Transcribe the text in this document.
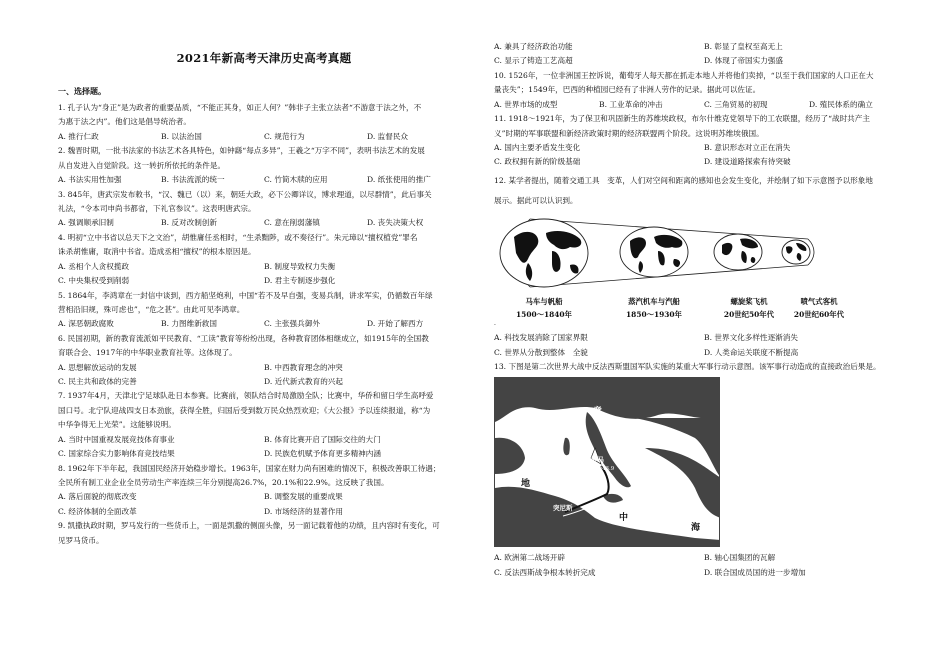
2021年新高考天津历史高考真题
一、选择题。
1. 孔子认为“身正”是为政者的重要品质，“不能正其身，如正人何？”韩非子主张立法者“不游意于法之外，不
为惠于法之内”。他们这是倡导统治者。
A. 推行仁政	B. 以法治国	C. 规范行为	D. 监督民众
2. 魏晋时期，一批书法家的书法艺术各具特色，如钟繇“每点多异”，王羲之“万字不同”，表明书法艺术的发展
从自发进入自觉阶段。这一转折所依托的条件是。
A. 书法实用性加强	B. 书法流派的统一	C. 竹简木牍的应用	D. 纸张使用的推广
3. 845年，唐武宗发布敕书，“汉、魏已（以）来，朝廷大政，必下公卿详议，博求理道，以尽群情”，此后事关
礼法，“令本司申尚书都省，下礼官参议”。这表明唐武宗。
A. 强调顺承旧制	B. 反对改制创新	C. 意在削弱藩镇	D. 丧失决策大权
4. 明初“立中书省以总天下之文治”，胡惟庸任丞相时，“生杀黜陟，或不奏径行”。朱元璋以“擅权植党”罪名
诛杀胡惟庸，取消中书省。造成丞相“擅权”的根本原因是。
A. 丞相个人贪权揽政	B. 制度导致权力失衡
C. 中央集权受到削弱	D. 君主专制逐步强化
5. 1864年，李鸿章在一封信中谈到，西方船坚炮利，中国“若不及早自强，变易兵制，讲求军实，仍循数百年绿
营相沿旧规，殊可虑也”，“危之甚”。由此可见李鸿章。
A. 深恶朝政腐败	B. 力图维新救国	C. 主张强兵御外	D. 开始了解西方
6. 民国初期，新的教育流派如平民教育、“工读”教育等纷纷出现，各种教育团体相继成立，如1915年的全国教
育联合会、1917年的中华职业教育社等。这体现了。
A. 思想解放运动的发展	B. 中西教育理念的冲突
C. 民主共和政体的完善	D. 近代新式教育的兴起
7. 1937年4月，天津北宁足球队赴日本参赛。比赛前，领队结合时局激励全队；比赛中，华侨和留日学生高呼爱
国口号。北宁队迎战四支日本劲旅，获得全胜，归国后受到数万民众热烈欢迎；《大公报》予以连续报道，称“为
中华争得无上光荣”。这能够说明。
A. 当时中国重视发展竞技体育事业	B. 体育比赛开启了国际交往的大门
C. 国家综合实力影响体育竞技结果	D. 民族危机赋予体育更多精神内涵
8. 1962年下半年起，我国国民经济开始稳步增长。1963年，国家在财力尚有困难的情况下，积极改善职工待遇；
全民所有制工业企业全员劳动生产率连续三年分别提高26.7%，20.1%和22.9%。这反映了我国。
A. 落后面貌的彻底改变	B. 调整发展的重要成果
C. 经济体制的全面改革	D. 市场经济的显著作用
9. 凯撒执政时期，罗马发行的一些货币上，一面是凯撒的侧面头像，另一面记载着他的功绩，且内容时有变化，可
见罗马货币。
A. 兼具了经济政治功能	B. 彰显了皇权至高无上
C. 显示了铸造工艺高超	D. 体现了帝国实力强盛
10. 1526年，一位非洲国王控诉说，葡萄牙人每天都在抓走本地人并将他们卖掉，“以至于我们国家的人口正在大
量丧失”；1549年，巴西的种植园已经有了非洲人劳作的记录。据此可以佐证。
A. 世界市场的成型	B. 工业革命的冲击	C. 三角贸易的初现	D. 殖民体系的确立
11. 1918～1921年，为了保卫和巩固新生的苏维埃政权，布尔什维克党领导下的工农联盟，经历了“战时共产主
义”时期的军事联盟和新经济政策时期的经济联盟两个阶段。这说明苏维埃俄国。
A. 国内主要矛盾发生变化	B. 意识形态对立正在消失
C. 政权拥有新的阶级基础	D. 建设道路探索有待突破
12. 某学者提出，随着交通工具　变革，人们对空间和距离的感知也会发生变化，并绘制了如下示意图予以形象地
展示。据此可以认识到。
马车与帆船
1500～1840年
蒸汽机车与汽船
1850～1930年
螺旋桨飞机
20世纪50年代
喷气式客机
20世纪60年代
.
A. 科技发展消除了国家界限	B. 世界文化多样性逐渐消失
C. 世界从分散到整体　全貌	D. 人类命运关联度不断提高
13. 下图是第二次世界大战中反法西斯盟国军队实施的某重大军事行动示意图。该军事行动造成的直接政治后果是。
意
大
利
罗马
地
中
海
突尼斯
1943.9
1943.7
A. 欧洲第二战场开辟	B. 轴心国集团的瓦解
C. 反法西斯战争根本转折完成	D. 联合国成员国的进一步增加
